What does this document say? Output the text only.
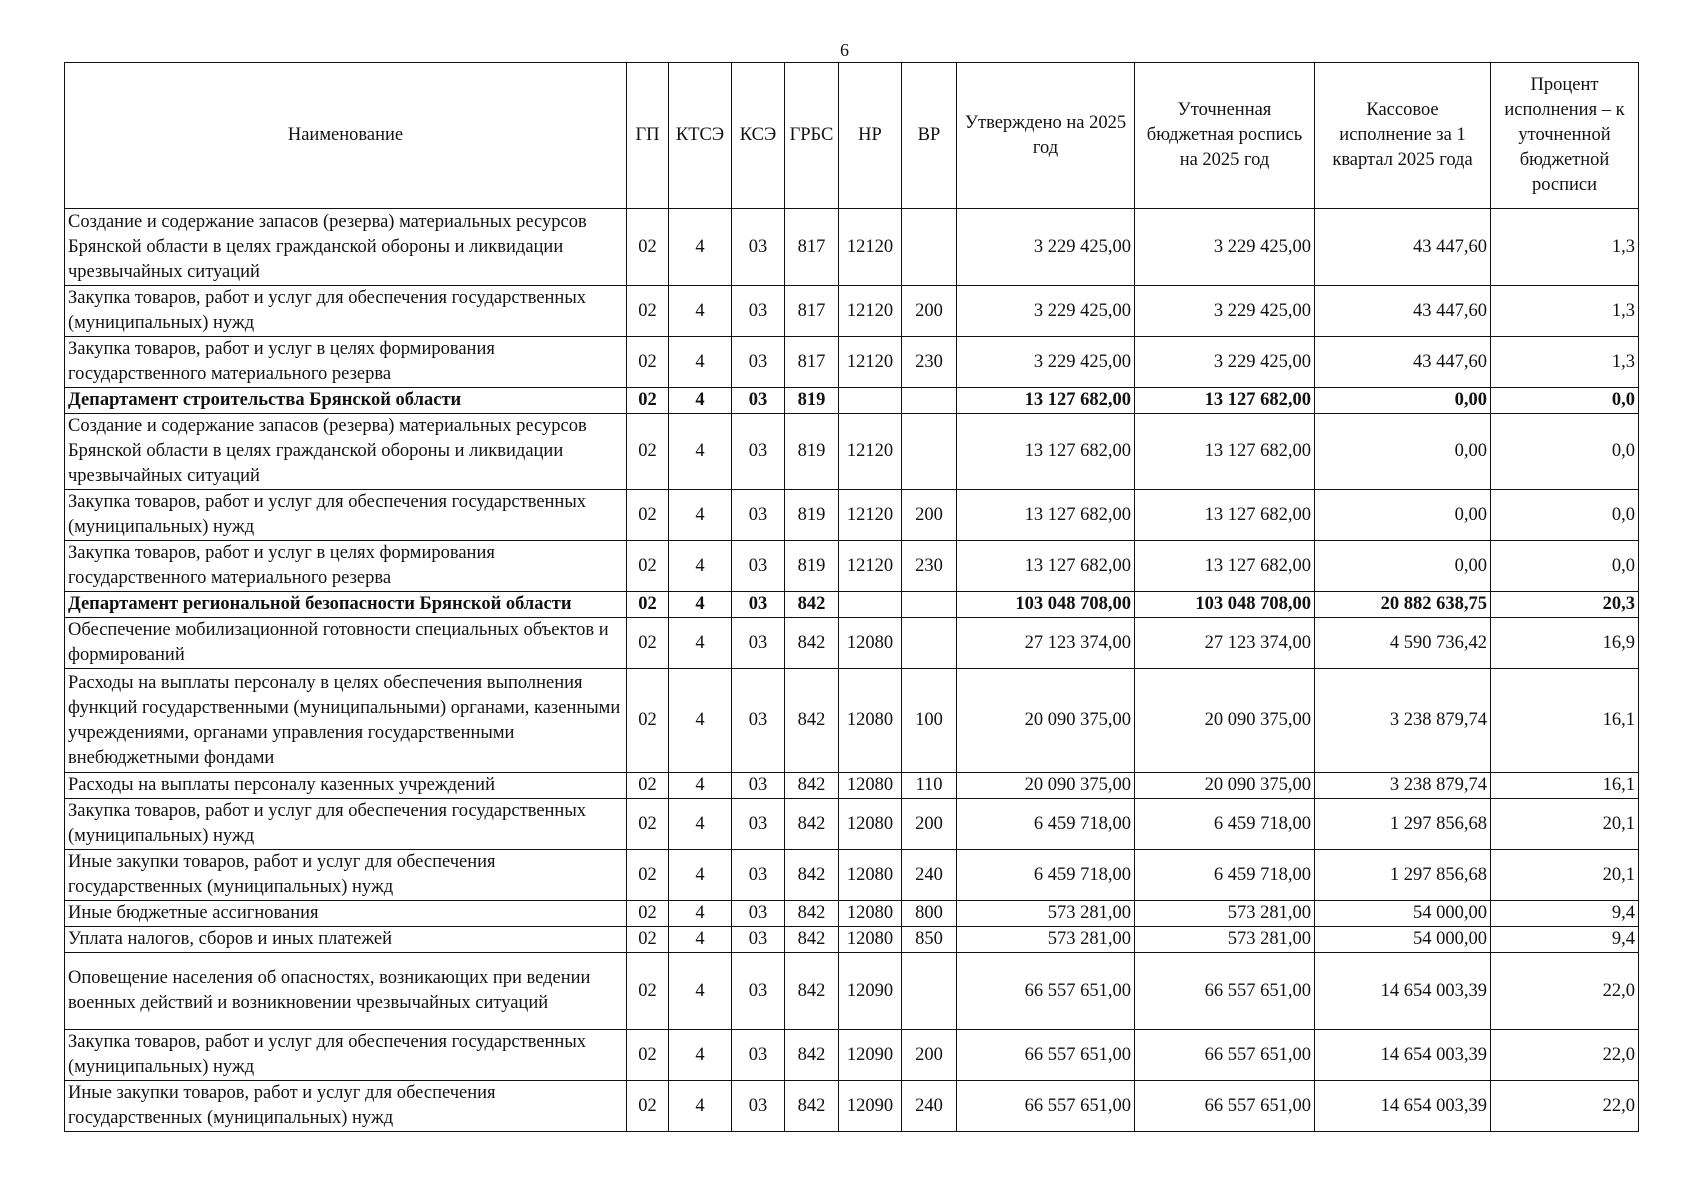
6
Наименование	ГП	КТСЭ	КСЭ	ГРБС	НР	ВР	Утверждено на 2025 год	Уточненная бюджетная роспись на 2025 год	Кассовое исполнение за 1 квартал 2025 года	Процент исполнения – к уточненной бюджетной росписи
Создание и содержание запасов (резерва) материальных ресурсов Брянской области в целях гражданской обороны и ликвидации чрезвычайных ситуаций	02	4	03	817	12120		3 229 425,00	3 229 425,00	43 447,60	1,3
Закупка товаров, работ и услуг для обеспечения государственных (муниципальных) нужд	02	4	03	817	12120	200	3 229 425,00	3 229 425,00	43 447,60	1,3
Закупка товаров, работ и услуг в целях формирования государственного материального резерва	02	4	03	817	12120	230	3 229 425,00	3 229 425,00	43 447,60	1,3
Департамент строительства Брянской области	02	4	03	819			13 127 682,00	13 127 682,00	0,00	0,0
Создание и содержание запасов (резерва) материальных ресурсов Брянской области в целях гражданской обороны и ликвидации чрезвычайных ситуаций	02	4	03	819	12120		13 127 682,00	13 127 682,00	0,00	0,0
Закупка товаров, работ и услуг для обеспечения государственных (муниципальных) нужд	02	4	03	819	12120	200	13 127 682,00	13 127 682,00	0,00	0,0
Закупка товаров, работ и услуг в целях формирования государственного материального резерва	02	4	03	819	12120	230	13 127 682,00	13 127 682,00	0,00	0,0
Департамент региональной безопасности Брянской области	02	4	03	842			103 048 708,00	103 048 708,00	20 882 638,75	20,3
Обеспечение мобилизационной готовности специальных объектов и формирований	02	4	03	842	12080		27 123 374,00	27 123 374,00	4 590 736,42	16,9
Расходы на выплаты персоналу в целях обеспечения выполнения функций государственными (муниципальными) органами, казенными учреждениями, органами управления государственными внебюджетными фондами	02	4	03	842	12080	100	20 090 375,00	20 090 375,00	3 238 879,74	16,1
Расходы на выплаты персоналу казенных учреждений	02	4	03	842	12080	110	20 090 375,00	20 090 375,00	3 238 879,74	16,1
Закупка товаров, работ и услуг для обеспечения государственных (муниципальных) нужд	02	4	03	842	12080	200	6 459 718,00	6 459 718,00	1 297 856,68	20,1
Иные закупки товаров, работ и услуг для обеспечения государственных (муниципальных) нужд	02	4	03	842	12080	240	6 459 718,00	6 459 718,00	1 297 856,68	20,1
Иные бюджетные ассигнования	02	4	03	842	12080	800	573 281,00	573 281,00	54 000,00	9,4
Уплата налогов, сборов и иных платежей	02	4	03	842	12080	850	573 281,00	573 281,00	54 000,00	9,4
Оповещение населения об опасностях, возникающих при ведении военных действий и возникновении чрезвычайных ситуаций	02	4	03	842	12090		66 557 651,00	66 557 651,00	14 654 003,39	22,0
Закупка товаров, работ и услуг для обеспечения государственных (муниципальных) нужд	02	4	03	842	12090	200	66 557 651,00	66 557 651,00	14 654 003,39	22,0
Иные закупки товаров, работ и услуг для обеспечения государственных (муниципальных) нужд	02	4	03	842	12090	240	66 557 651,00	66 557 651,00	14 654 003,39	22,0
